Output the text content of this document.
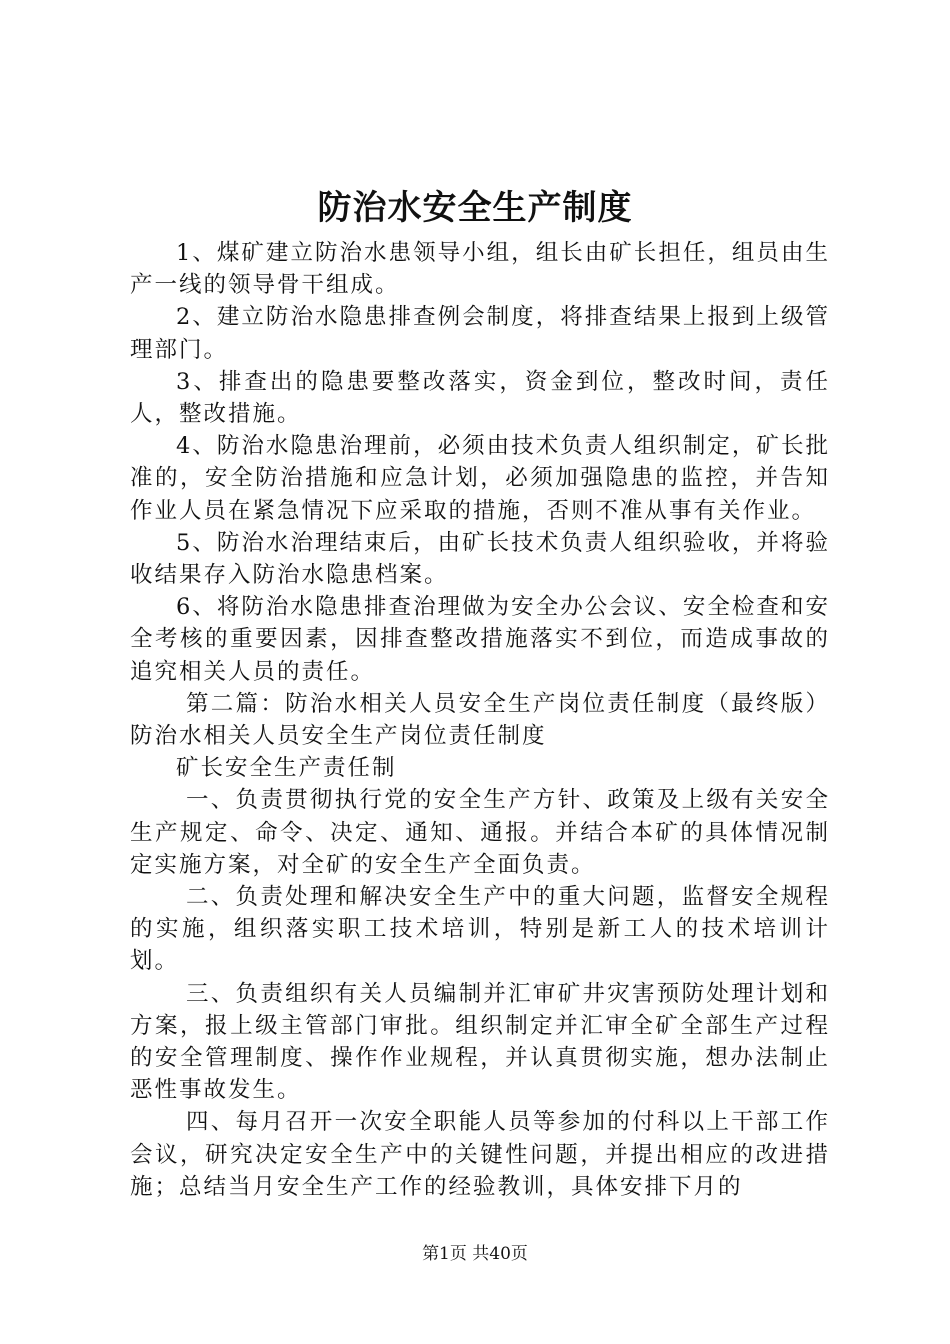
防治水安全生产制度

1、煤矿建立防治水患领导小组，组长由矿长担任，组员由生产一线的领导骨干组成。

2、建立防治水隐患排查例会制度，将排查结果上报到上级管理部门。

3、排查出的隐患要整改落实，资金到位，整改时间，责任人，整改措施。

4、防治水隐患治理前，必须由技术负责人组织制定，矿长批准的，安全防治措施和应急计划，必须加强隐患的监控，并告知作业人员在紧急情况下应采取的措施，否则不准从事有关作业。

5、防治水治理结束后，由矿长技术负责人组织验收，并将验收结果存入防治水隐患档案。

6、将防治水隐患排查治理做为安全办公会议、安全检查和安全考核的重要因素，因排查整改措施落实不到位，而造成事故的追究相关人员的责任。

第二篇：防治水相关人员安全生产岗位责任制度（最终版）防治水相关人员安全生产岗位责任制度

矿长安全生产责任制

一、负责贯彻执行党的安全生产方针、政策及上级有关安全生产规定、命令、决定、通知、通报。并结合本矿的具体情况制定实施方案，对全矿的安全生产全面负责。

二、负责处理和解决安全生产中的重大问题，监督安全规程的实施，组织落实职工技术培训，特别是新工人的技术培训计划。

三、负责组织有关人员编制并汇审矿井灾害预防处理计划和方案，报上级主管部门审批。组织制定并汇审全矿全部生产过程的安全管理制度、操作作业规程，并认真贯彻实施，想办法制止恶性事故发生。

四、每月召开一次安全职能人员等参加的付科以上干部工作会议，研究决定安全生产中的关键性问题，并提出相应的改进措施；总结当月安全生产工作的经验教训，具体安排下月的

第1页 共40页
